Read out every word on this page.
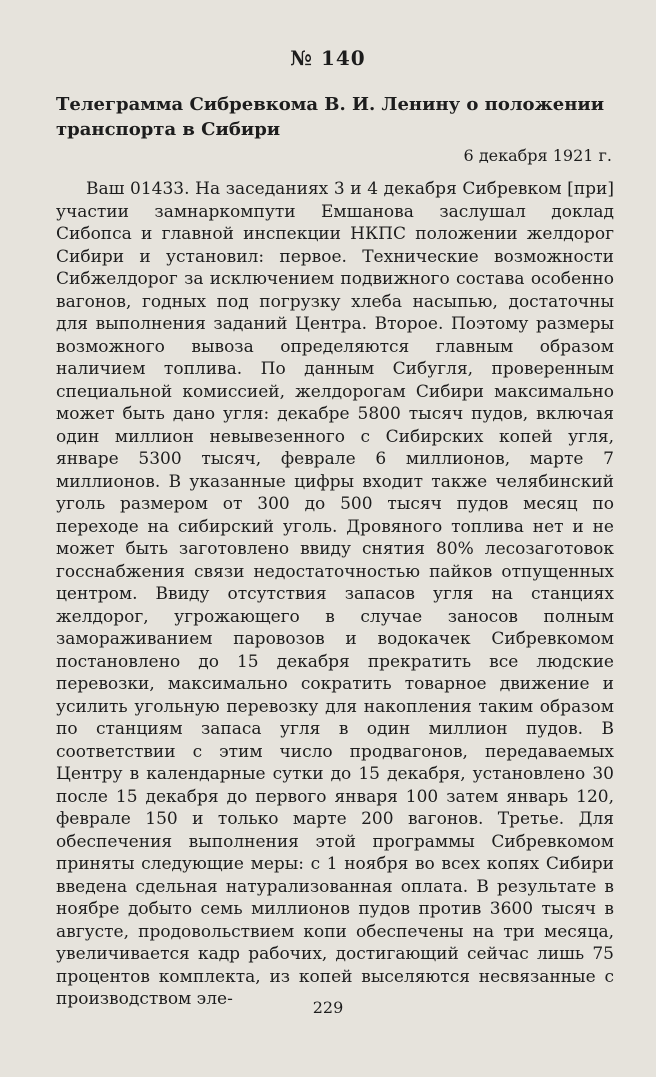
№ 140
Телеграмма Сибревкома В. И. Ленину о положении транспорта в Сибири
6 декабря 1921 г.

Ваш 01433. На заседаниях 3 и 4 декабря Сибревком [при] участии замнаркомпути Емшанова заслушал доклад Сибопса и главной инспекции НКПС положении желдорог Сибири и установил: первое. Технические возможности Сибжелдорог за исключением подвижного состава особенно вагонов, годных под погрузку хлеба насыпью, достаточны для выполнения заданий Центра. Второе. Поэтому размеры возможного вывоза определяются главным образом наличием топлива. По данным Сибугля, проверенным специальной комиссией, желдорогам Сибири максимально может быть дано угля: декабре 5800 тысяч пудов, включая один миллион невывезенного с Сибирских копей угля, январе 5300 тысяч, феврале 6 миллионов, марте 7 миллионов. В указанные цифры входит также челябинский уголь размером от 300 до 500 тысяч пудов месяц по переходе на сибирский уголь. Дровяного топлива нет и не может быть заготовлено ввиду снятия 80% лесозаготовок госснабжения связи недостаточностью пайков отпущенных центром. Ввиду отсутствия запасов угля на станциях желдорог, угрожающего в случае заносов полным замораживанием паровозов и водокачек Сибревкомом постановлено до 15 декабря прекратить все людские перевозки, максимально сократить товарное движение и усилить угольную перевозку для накопления таким образом по станциям запаса угля в один миллион пудов. В соответствии с этим число продвагонов, передаваемых Центру в календарные сутки до 15 декабря, установлено 30 после 15 декабря до первого января 100 затем январь 120, феврале 150 и только марте 200 вагонов. Третье. Для обеспечения выполнения этой программы Сибревкомом приняты следующие меры: с 1 ноября во всех копях Сибири введена сдельная натурализованная оплата. В результате в ноябре добыто семь миллионов пудов против 3600 тысяч в августе, продовольствием копи обеспечены на три месяца, увеличивается кадр рабочих, достигающий сейчас лишь 75 процентов комплекта, из копей выселяются несвязанные с производством эле-	229
